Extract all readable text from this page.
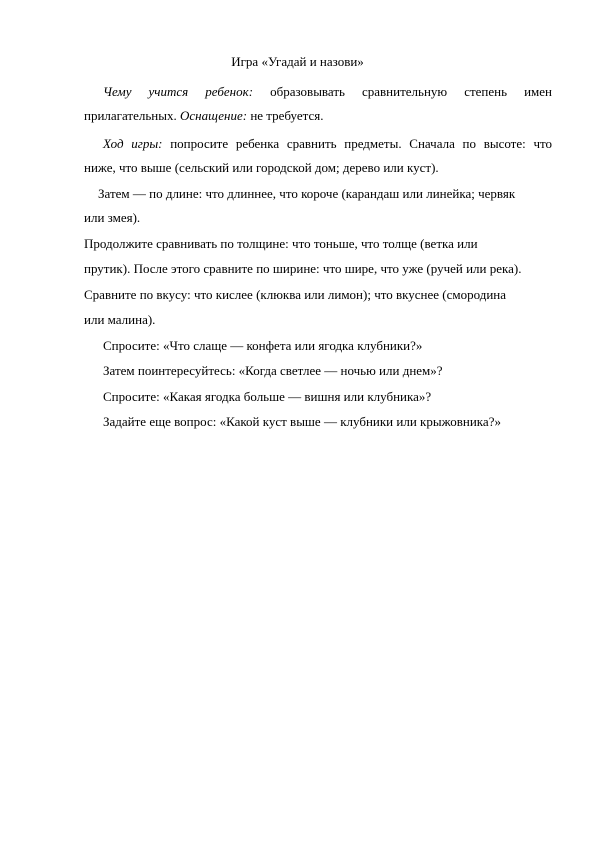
Игра «Угадай и назови»
Чему учится ребенок: образовывать сравнительную степень имен
прилагательных. Оснащение: не требуется.
Ход игры: попросите ребенка сравнить предметы. Сначала по высоте: что
ниже, что выше (сельский или городской дом; дерево или куст).
Затем — по длине: что длиннее, что короче (карандаш или линейка; червяк
или змея).
Продолжите сравнивать по толщине: что тоньше, что толще (ветка или
прутик). После этого сравните по ширине: что шире, что уже (ручей или река).
Сравните по вкусу: что кислее (клюква или лимон); что вкуснее (смородина
или малина).
Спросите: «Что слаще — конфета или ягодка клубники?»
Затем поинтересуйтесь: «Когда светлее — ночью или днем»?
Спросите: «Какая ягодка больше — вишня или клубника»?
Задайте еще вопрос: «Какой куст выше — клубники или крыжовника?»
